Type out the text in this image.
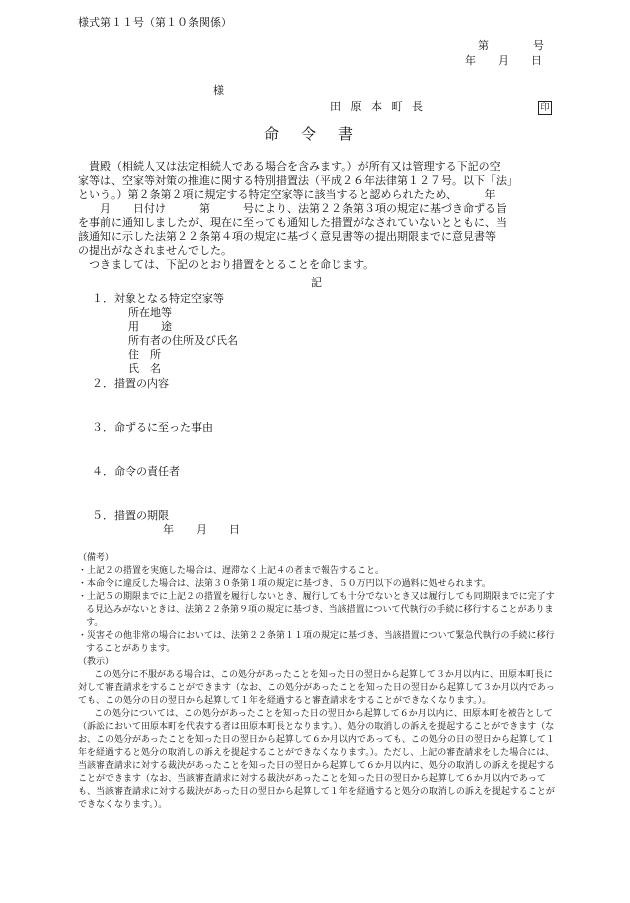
様式第１１号（第１０条関係）
第　　　　号
年　　月　　日
様
田 原 本 町 長	印
命令書
　貴殿（相続人又は法定相続人である場合を含みます。）が所有又は管理する下記の空
家等は、空家等対策の推進に関する特別措置法（平成２６年法律第１２７号。以下「法」
という。）第２条第２項に規定する特定空家等に該当すると認められたため、　　　年
　　月　　日付け　　　第　　　号により、法第２２条第３項の規定に基づき命ずる旨
を事前に通知しましたが、現在に至っても通知した措置がなされていないとともに、当
該通知に示した法第２２条第４項の規定に基づく意見書等の提出期限までに意見書等
の提出がなされませんでした。
　つきましては、下記のとおり措置をとることを命じます。
記
１．対象となる特定空家等
所在地等
用　　途
所有者の住所及び氏名
住　所
氏　名
２．措置の内容
３．命ずるに至った事由
４．命令の責任者
５．措置の期限
年　　月　　日
（備考）
・上記２の措置を実施した場合は、遅滞なく上記４の者まで報告すること。
・本命令に違反した場合は、法第３０条第１項の規定に基づき、５０万円以下の過料に処せられます。
・上記５の期限までに上記２の措置を履行しないとき、履行しても十分でないとき又は履行しても同期限までに完了する見込みがないときは、法第２２条第９項の規定に基づき、当該措置について代執行の手続に移行することがあります。
・災害その他非常の場合においては、法第２２条第１１項の規定に基づき、当該措置について緊急代執行の手続に移行することがあります。
（教示）
この処分に不服がある場合は、この処分があったことを知った日の翌日から起算して３か月以内に、田原本町長に対して審査請求をすることができます（なお、この処分があったことを知った日の翌日から起算して３か月以内であっても、この処分の日の翌日から起算して１年を経過すると審査請求をすることができなくなります。）。
この処分については、この処分があったことを知った日の翌日から起算して６か月以内に、田原本町を被告として（訴訟において田原本町を代表する者は田原本町長となります。）、処分の取消しの訴えを提起することができます（なお、この処分があったことを知った日の翌日から起算して６か月以内であっても、この処分の日の翌日から起算して１年を経過すると処分の取消しの訴えを提起することができなくなります。）。ただし、上記の審査請求をした場合には、当該審査請求に対する裁決があったことを知った日の翌日から起算して６か月以内に、処分の取消しの訴えを提起することができます（なお、当該審査請求に対する裁決があったことを知った日の翌日から起算して６か月以内であっても、当該審査請求に対する裁決があった日の翌日から起算して１年を経過すると処分の取消しの訴えを提起することができなくなります。）。
